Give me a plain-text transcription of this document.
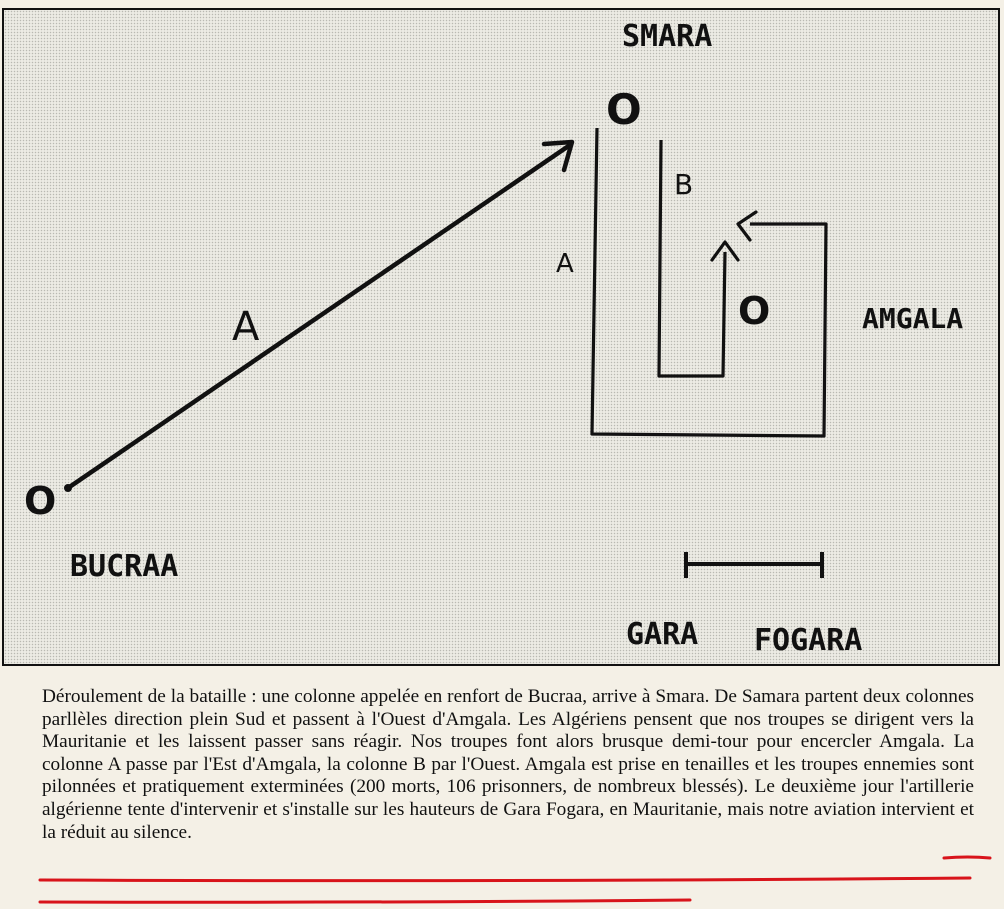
SMARA
AMGALA
BUCRAA
GARA FOGARA
O
O
O
A
A
B
Déroulement de la bataille : une colonne appelée en renfort de Bucraa, arrive à Smara. De Samara partent deux colonnes parllèles direction plein Sud et passent à l'Ouest d'Amgala. Les Algériens pensent que nos troupes se dirigent vers la Mauritanie et les laissent passer sans réagir. Nos troupes font alors brusque demi-tour pour encercler Amgala. La colonne A passe par l'Est d'Amgala, la colonne B par l'Ouest. Amgala est prise en tenailles et les troupes ennemies sont pilonnées et pratiquement exterminées (200 morts, 106 prisonners, de nombreux blessés). Le deuxième jour l'artillerie algérienne tente d'intervenir et s'installe sur les hauteurs de Gara Fogara, en Mauritanie, mais notre aviation intervient et la réduit au silence.
